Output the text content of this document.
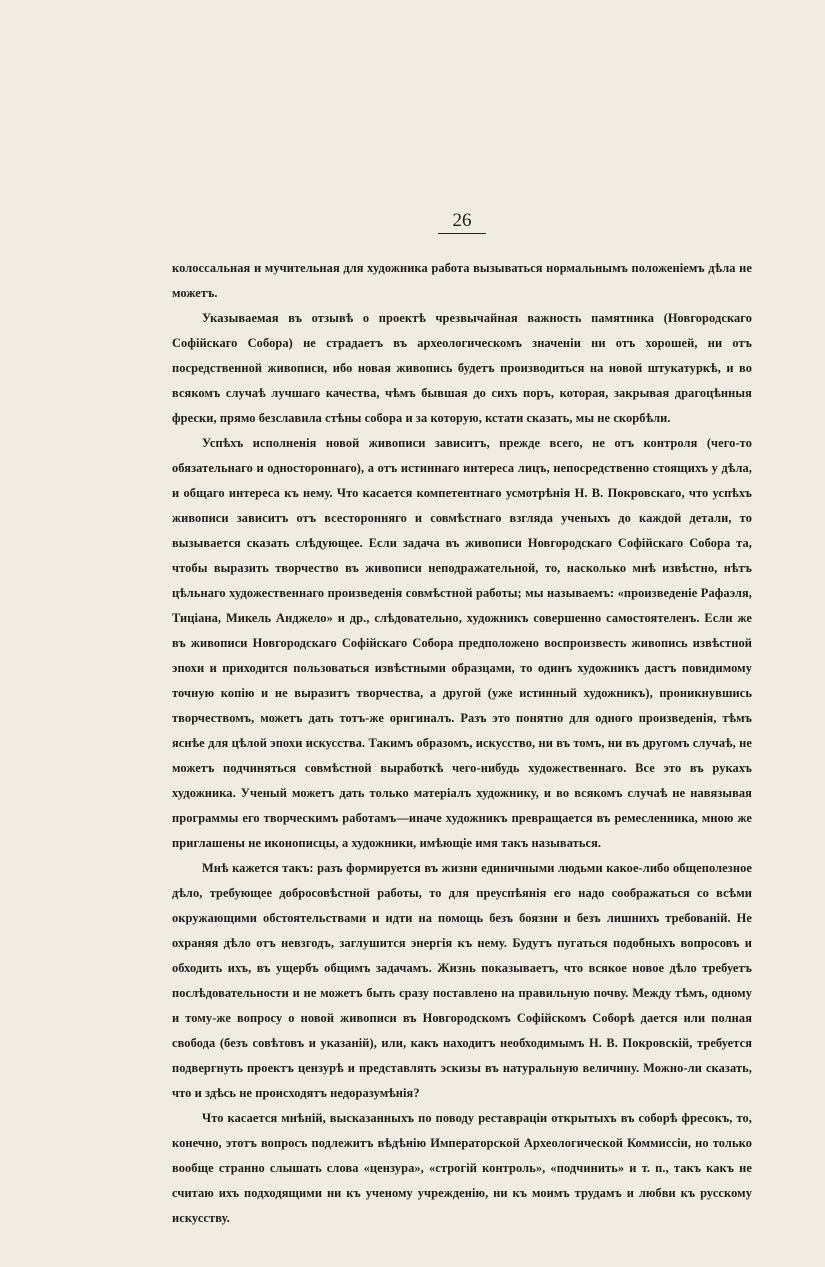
26

колоссальная и мучительная для художника работа вызываться нормальнымъ положеніемъ дѣла не можетъ.

Указываемая въ отзывѣ о проектѣ чрезвычайная важность памятника (Новгородскаго Софійскаго Собора) не страдаетъ въ археологическомъ значеніи ни отъ хорошей, ни отъ посредственной живописи, ибо новая живопись будетъ производиться на новой штукатуркѣ, и во всякомъ случаѣ лучшаго качества, чѣмъ бывшая до сихъ поръ, которая, закрывая драгоцѣнныя фрески, прямо безславила стѣны собора и за которую, кстати сказать, мы не скорбѣли.

Успѣхъ исполненія новой живописи зависитъ, прежде всего, не отъ контроля (чего-то обязательнаго и одностороннаго), а отъ истиннаго интереса лицъ, непосредственно стоящихъ у дѣла, и общаго интереса къ нему. Что касается компетентнаго усмотрѣнія Н. В. Покровскаго, что успѣхъ живописи зависитъ отъ всесторонняго и совмѣстнаго взгляда ученыхъ до каждой детали, то вызывается сказать слѣдующее. Если задача въ живописи Новгородскаго Софійскаго Собора та, чтобы выразить творчество въ живописи неподражательной, то, насколько мнѣ извѣстно, нѣтъ цѣльнаго художественнаго произведенія совмѣстной работы; мы называемъ: «произведеніе Рафаэля, Тиціана, Микель Анджело» и др., слѣдовательно, художникъ совершенно самостоятеленъ. Если же въ живописи Новгородскаго Софійскаго Собора предположено воспроизвесть живопись извѣстной эпохи и приходится пользоваться извѣстными образцами, то одинъ художникъ дастъ повидимому точную копію и не выразитъ творчества, а другой (уже истинный художникъ), проникнувшись творчествомъ, можетъ дать тотъ-же оригиналъ. Разъ это понятно для одного произведенія, тѣмъ яснѣе для цѣлой эпохи искусства. Такимъ образомъ, искусство, ни въ томъ, ни въ другомъ случаѣ, не можетъ подчиняться совмѣстной выработкѣ чего-нибудь художественнаго. Все это въ рукахъ художника. Ученый можетъ дать только матеріалъ художнику, и во всякомъ случаѣ не навязывая программы его творческимъ работамъ—иначе художникъ превращается въ ремесленника, мною же приглашены не иконописцы, а художники, имѣющіе имя такъ называться.

Мнѣ кажется такъ: разъ формируется въ жизни единичными людьми какое-либо общеполезное дѣло, требующее добросовѣстной работы, то для преуспѣянія его надо соображаться со всѣми окружающими обстоятельствами и идти на помощь безъ боязни и безъ лишнихъ требованій. Не охраняя дѣло отъ невзгодъ, заглушится энергія къ нему. Будутъ пугаться подобныхъ вопросовъ и обходить ихъ, въ ущербъ общимъ задачамъ. Жизнь показываетъ, что всякое новое дѣло требуетъ послѣдовательности и не можетъ быть сразу поставлено на правильную почву. Между тѣмъ, одному и тому-же вопросу о новой живописи въ Новгородскомъ Софійскомъ Соборѣ дается или полная свобода (безъ совѣтовъ и указаній), или, какъ находитъ необходимымъ Н. В. Покровскій, требуется подвергнуть проектъ цензурѣ и представлять эскизы въ натуральную величину. Можно-ли сказать, что и здѣсь не происходятъ недоразумѣнія?

Что касается мнѣній, высказанныхъ по поводу реставраціи открытыхъ въ соборѣ фресокъ, то, конечно, этотъ вопросъ подлежитъ вѣдѣнію Императорской Археологической Коммиссіи, но только вообще странно слышать слова «цензура», «строгій контроль», «подчинить» и т. п., такъ какъ не считаю ихъ подходящими ни къ ученому учрежденію, ни къ моимъ трудамъ и любви къ русскому искусству.
